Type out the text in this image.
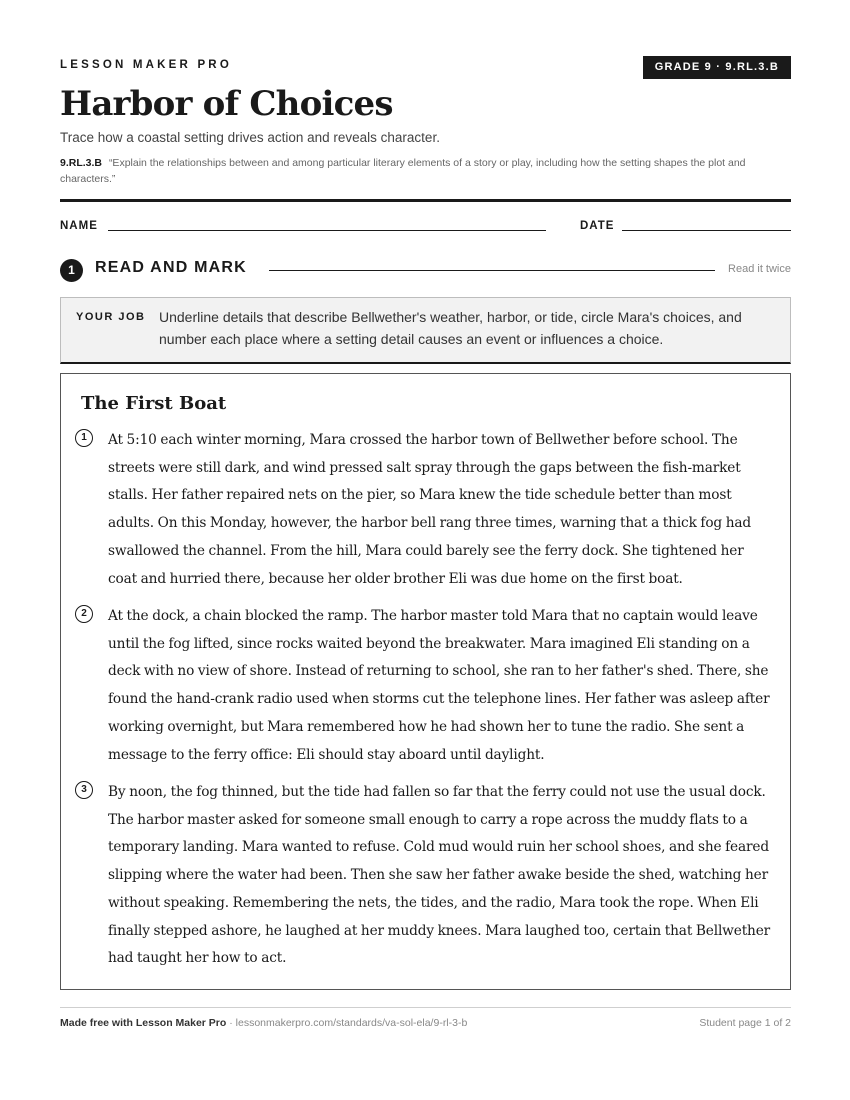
LESSON MAKER PRO	GRADE 9 · 9.RL.3.B
Harbor of Choices
Trace how a coastal setting drives action and reveals character.
9.RL.3.B “Explain the relationships between and among particular literary elements of a story or play, including how the setting shapes the plot and characters.”
NAME	DATE
1	READ AND MARK	Read it twice
YOUR JOB Underline details that describe Bellwether's weather, harbor, or tide, circle Mara's choices, and number each place where a setting detail causes an event or influences a choice.
The First Boat
1	At 5:10 each winter morning, Mara crossed the harbor town of Bellwether before school. The streets were still dark, and wind pressed salt spray through the gaps between the fish-market stalls. Her father repaired nets on the pier, so Mara knew the tide schedule better than most adults. On this Monday, however, the harbor bell rang three times, warning that a thick fog had swallowed the channel. From the hill, Mara could barely see the ferry dock. She tightened her coat and hurried there, because her older brother Eli was due home on the first boat.
2	At the dock, a chain blocked the ramp. The harbor master told Mara that no captain would leave until the fog lifted, since rocks waited beyond the breakwater. Mara imagined Eli standing on a deck with no view of shore. Instead of returning to school, she ran to her father's shed. There, she found the hand-crank radio used when storms cut the telephone lines. Her father was asleep after working overnight, but Mara remembered how he had shown her to tune the radio. She sent a message to the ferry office: Eli should stay aboard until daylight.
3	By noon, the fog thinned, but the tide had fallen so far that the ferry could not use the usual dock. The harbor master asked for someone small enough to carry a rope across the muddy flats to a temporary landing. Mara wanted to refuse. Cold mud would ruin her school shoes, and she feared slipping where the water had been. Then she saw her father awake beside the shed, watching her without speaking. Remembering the nets, the tides, and the radio, Mara took the rope. When Eli finally stepped ashore, he laughed at her muddy knees. Mara laughed too, certain that Bellwether had taught her how to act.
Made free with Lesson Maker Pro · lessonmakerpro.com/standards/va-sol-ela/9-rl-3-b	Student page 1 of 2
